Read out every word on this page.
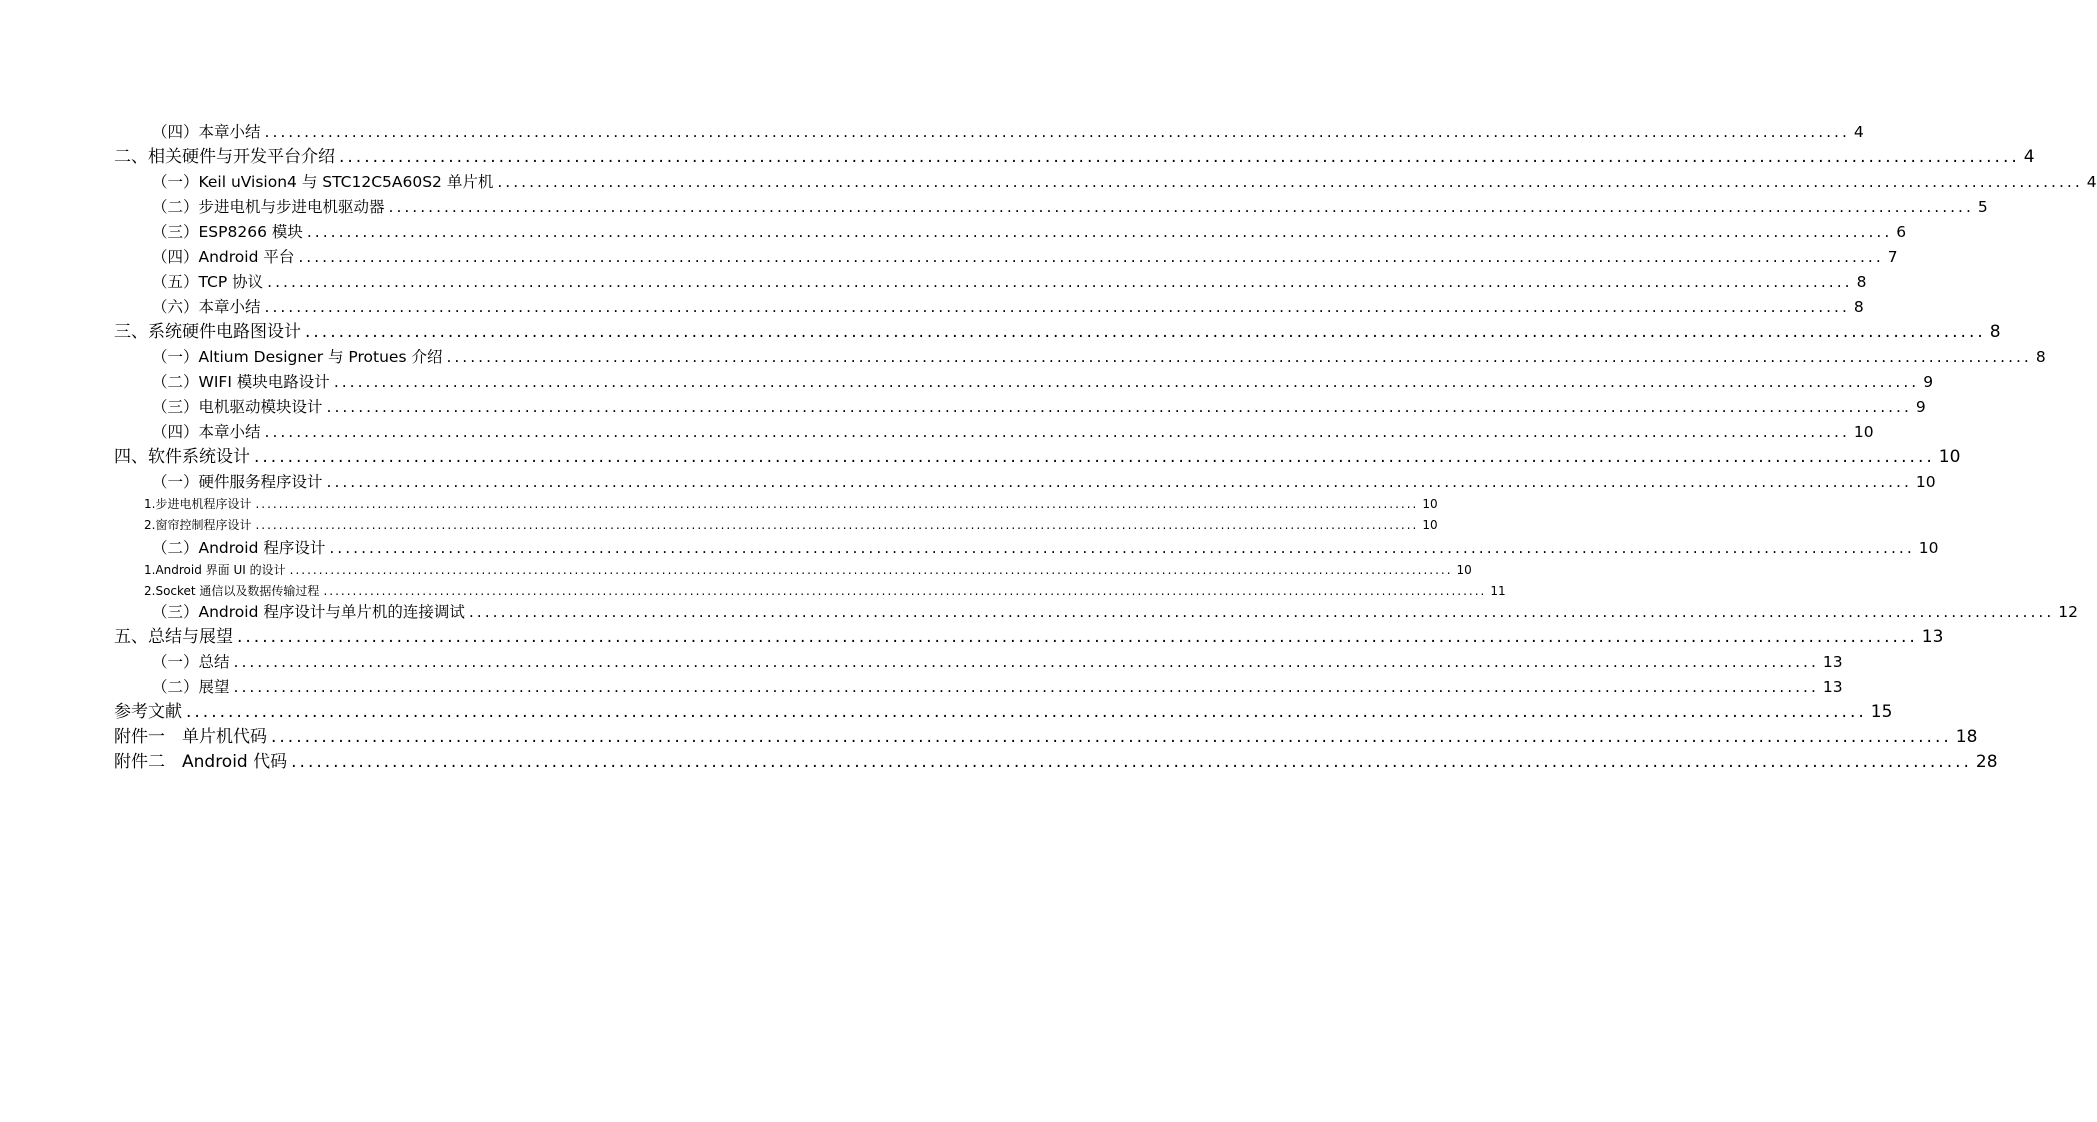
（四）本章小结 ........................................................................................................................................................................................................ 4
二、相关硬件与开发平台介绍 ........................................................................................................................................................................................................ 4
（一）Keil uVision4 与 STC12C5A60S2 单片机 ........................................................................................................................................................................................................ 4
（二）步进电机与步进电机驱动器 ........................................................................................................................................................................................................ 5
（三）ESP8266 模块 ........................................................................................................................................................................................................ 6
（四）Android 平台 ........................................................................................................................................................................................................ 7
（五）TCP 协议 ........................................................................................................................................................................................................ 8
（六）本章小结 ........................................................................................................................................................................................................ 8
三、系统硬件电路图设计 ........................................................................................................................................................................................................ 8
（一）Altium Designer 与 Protues 介绍 ........................................................................................................................................................................................................ 8
（二）WIFI 模块电路设计 ........................................................................................................................................................................................................ 9
（三）电机驱动模块设计 ........................................................................................................................................................................................................ 9
（四）本章小结 ........................................................................................................................................................................................................ 10
四、软件系统设计 ........................................................................................................................................................................................................ 10
（一）硬件服务程序设计 ........................................................................................................................................................................................................ 10
1.步进电机程序设计 ........................................................................................................................................................................................................ 10
2.窗帘控制程序设计 ........................................................................................................................................................................................................ 10
（二）Android 程序设计 ........................................................................................................................................................................................................ 10
1.Android 界面 UI 的设计 ........................................................................................................................................................................................................ 10
2.Socket 通信以及数据传输过程 ........................................................................................................................................................................................................ 11
（三）Android 程序设计与单片机的连接调试 ........................................................................................................................................................................................................ 12
五、总结与展望 ........................................................................................................................................................................................................ 13
（一）总结 ........................................................................................................................................................................................................ 13
（二）展望 ........................................................................................................................................................................................................ 13
参考文献 ........................................................................................................................................................................................................ 15
附件一　单片机代码 ........................................................................................................................................................................................................ 18
附件二　Android 代码 ........................................................................................................................................................................................................ 28
